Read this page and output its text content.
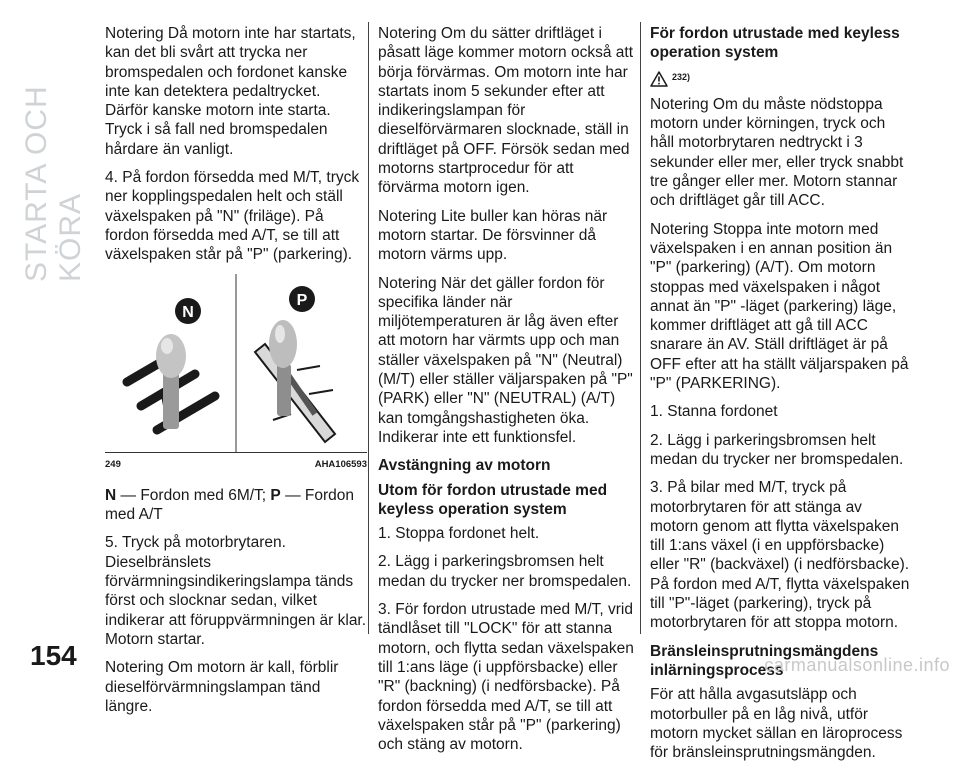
STARTA OCH KÖRA

Notering Då motorn inte har startats, kan det bli svårt att trycka ner bromspedalen och fordonet kanske inte kan detektera pedaltrycket. Därför kanske motorn inte starta. Tryck i så fall ned bromspedalen hårdare än vanligt.

4. På fordon försedda med M/T, tryck ner kopplingspedalen helt och ställ växelspaken på "N" (friläge). På fordon försedda med A/T, se till att växelspaken står på "P" (parkering).

N
P
249	AHA106593

N — Fordon med 6M/T; P — Fordon med A/T

5. Tryck på motorbrytaren. Dieselbränslets förvärmningsindikeringslampa tänds först och slocknar sedan, vilket indikerar att föruppvärmningen är klar. Motorn startar.

Notering Om motorn är kall, förblir dieselförvärmningslampan tänd längre.

Notering Om du sätter driftläget i påsatt läge kommer motorn också att börja förvärmas. Om motorn inte har startats inom 5 sekunder efter att indikeringslampan för dieselförvärmaren slocknade, ställ in driftläget på OFF. Försök sedan med motorns startprocedur för att förvärma motorn igen.

Notering Lite buller kan höras när motorn startar. De försvinner då motorn värms upp.

Notering När det gäller fordon för specifika länder när miljötemperaturen är låg även efter att motorn har värmts upp och man ställer växelspaken på "N" (Neutral) (M/T) eller ställer väljarspaken på "P" (PARK) eller "N" (NEUTRAL) (A/T) kan tomgångshastigheten öka. Indikerar inte ett funktionsfel.

Avstängning av motorn
Utom för fordon utrustade med keyless operation system

1. Stoppa fordonet helt.

2. Lägg i parkeringsbromsen helt medan du trycker ner bromspedalen.

3. För fordon utrustade med M/T, vrid tändlåset till "LOCK" för att stanna motorn, och flytta sedan växelspaken till 1:ans läge (i uppförsbacke) eller "R" (backning) (i nedförsbacke). På fordon försedda med A/T, se till att växelspaken står på "P" (parkering) och stäng av motorn.

För fordon utrustade med keyless operation system
232)

Notering Om du måste nödstoppa motorn under körningen, tryck och håll motorbrytaren nedtryckt i 3 sekunder eller mer, eller tryck snabbt tre gånger eller mer. Motorn stannar och driftläget går till ACC.

Notering Stoppa inte motorn med växelspaken i en annan position än "P" (parkering) (A/T). Om motorn stoppas med växelspaken i något annat än "P" -läget (parkering) läge, kommer driftläget att gå till ACC snarare än AV. Ställ driftläget är på OFF efter att ha ställt väljarspaken på "P" (PARKERING).

1. Stanna fordonet

2. Lägg i parkeringsbromsen helt medan du trycker ner bromspedalen.

3. På bilar med M/T, tryck på motorbrytaren för att stänga av motorn genom att flytta växelspaken till 1:ans växel (i en uppförsbacke) eller "R" (backväxel) (i nedförsbacke). På fordon med A/T, flytta växelspaken till "P"-läget (parkering), tryck på motorbrytaren för att stoppa motorn.

Bränsleinsprutningsmängdens inlärningsprocess

För att hålla avgasutsläpp och motorbuller på en låg nivå, utför motorn mycket sällan en läroprocess för bränsleinsprutningsmängden.

154	carmanualsonline.info
